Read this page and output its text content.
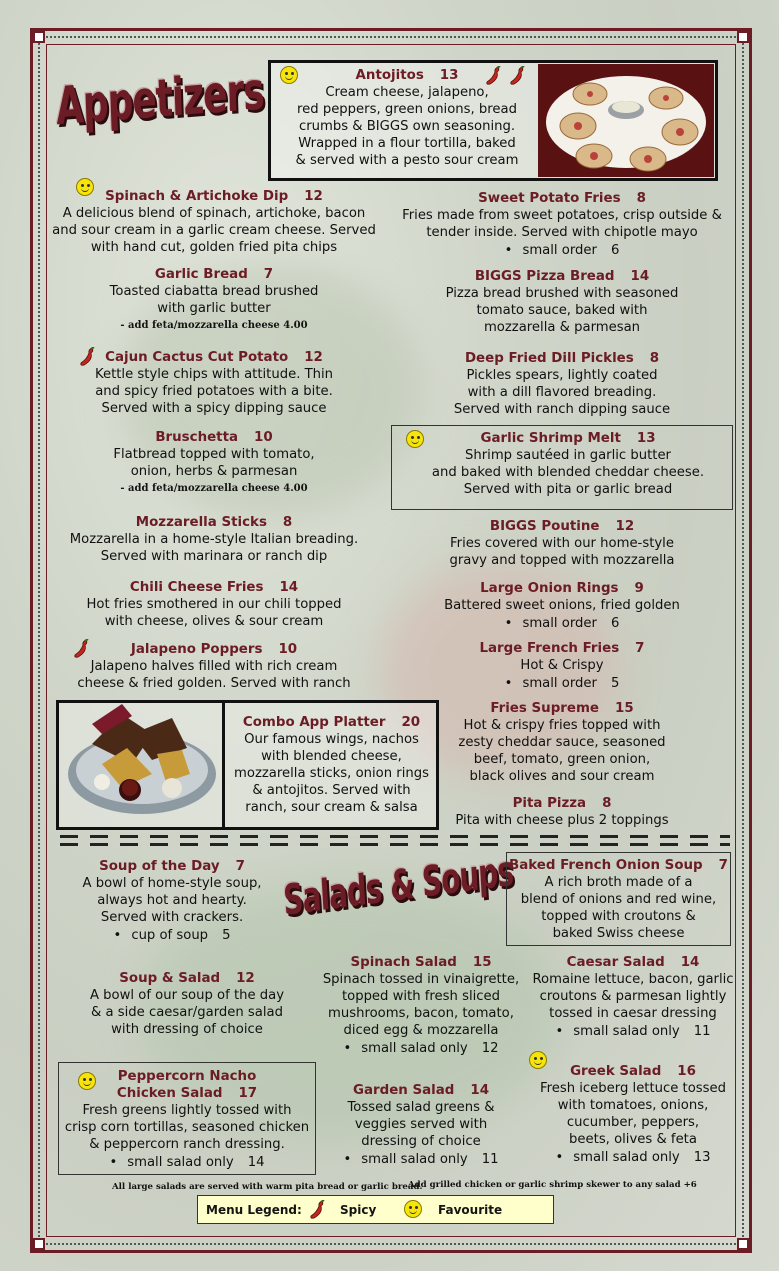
Appetizers
Salads & Soups
Antojitos 13
Cream cheese, jalapeno,
red peppers, green onions, bread
crumbs & BIGGS own seasoning.
Wrapped in a flour tortilla, baked
& served with a pesto sour cream
Spinach & Artichoke Dip 12
A delicious blend of spinach, artichoke, bacon
and sour cream in a garlic cream cheese. Served
with hand cut, golden fried pita chips
Garlic Bread 7
Toasted ciabatta bread brushed
with garlic butter
- add feta/mozzarella cheese 4.00
Cajun Cactus Cut Potato 12
Kettle style chips with attitude. Thin
and spicy fried potatoes with a bite.
Served with a spicy dipping sauce
Bruschetta 10
Flatbread topped with tomato,
onion, herbs & parmesan
- add feta/mozzarella cheese 4.00
Mozzarella Sticks 8
Mozzarella in a home-style Italian breading.
Served with marinara or ranch dip
Chili Cheese Fries 14
Hot fries smothered in our chili topped
with cheese, olives & sour cream
Jalapeno Poppers 10
Jalapeno halves filled with rich cream
cheese & fried golden. Served with ranch
Combo App Platter 20
Our famous wings, nachos
with blended cheese,
mozzarella sticks, onion rings
& antojitos. Served with
ranch, sour cream & salsa
Sweet Potato Fries 8
Fries made from sweet potatoes, crisp outside &
tender inside. Served with chipotle mayo
• small order 6
BIGGS Pizza Bread 14
Pizza bread brushed with seasoned
tomato sauce, baked with
mozzarella & parmesan
Deep Fried Dill Pickles 8
Pickles spears, lightly coated
with a dill flavored breading.
Served with ranch dipping sauce
Garlic Shrimp Melt 13
Shrimp sautéed in garlic butter
and baked with blended cheddar cheese.
Served with pita or garlic bread
BIGGS Poutine 12
Fries covered with our home-style
gravy and topped with mozzarella
Large Onion Rings 9
Battered sweet onions, fried golden
• small order 6
Large French Fries 7
Hot & Crispy
• small order 5
Fries Supreme 15
Hot & crispy fries topped with
zesty cheddar sauce, seasoned
beef, tomato, green onion,
black olives and sour cream
Pita Pizza 8
Pita with cheese plus 2 toppings
Soup of the Day 7
A bowl of home-style soup,
always hot and hearty.
Served with crackers.
• cup of soup 5
Baked French Onion Soup 7
A rich broth made of a
blend of onions and red wine,
topped with croutons &
baked Swiss cheese
Soup & Salad 12
A bowl of our soup of the day
& a side caesar/garden salad
with dressing of choice
Spinach Salad 15
Spinach tossed in vinaigrette,
topped with fresh sliced
mushrooms, bacon, tomato,
diced egg & mozzarella
• small salad only 12
Caesar Salad 14
Romaine lettuce, bacon, garlic
croutons & parmesan lightly
tossed in caesar dressing
• small salad only 11
Peppercorn Nacho
Chicken Salad 17
Fresh greens lightly tossed with
crisp corn tortillas, seasoned chicken
& peppercorn ranch dressing.
• small salad only 14
Garden Salad 14
Tossed salad greens &
veggies served with
dressing of choice
• small salad only 11
Greek Salad 16
Fresh iceberg lettuce tossed
with tomatoes, onions,
cucumber, peppers,
beets, olives & feta
• small salad only 13
All large salads are served with warm pita bread or garlic bread.
Add grilled chicken or garlic shrimp skewer to any salad +6
Menu Legend:	Spicy	Favourite
